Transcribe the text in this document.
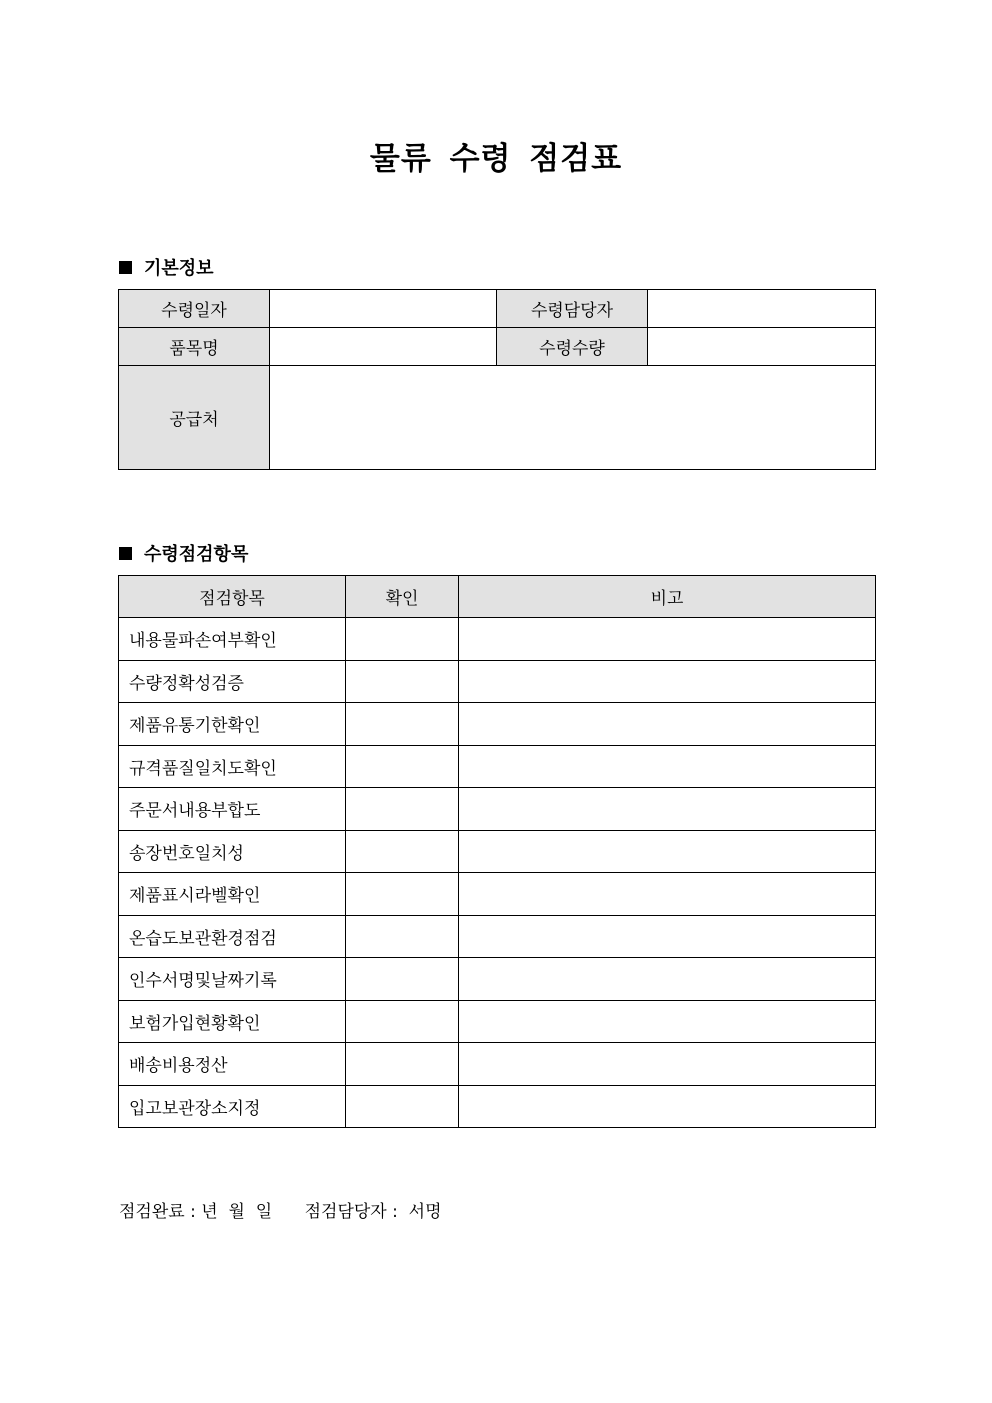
물류 수령 점검표
기본정보
수령일자		수령담당자	
품목명		수령수량	
공급처			
수령점검항목
점검항목	확인	비고
내용물파손여부확인		
수량정확성검증		
제품유통기한확인		
규격품질일치도확인		
주문서내용부합도		
송장번호일치성		
제품표시라벨확인		
온습도보관환경점검		
인수서명및날짜기록		
보험가입현황확인		
배송비용정산		
입고보관장소지정		
점검완료 : 년 월 일 점검담당자 : 서명
